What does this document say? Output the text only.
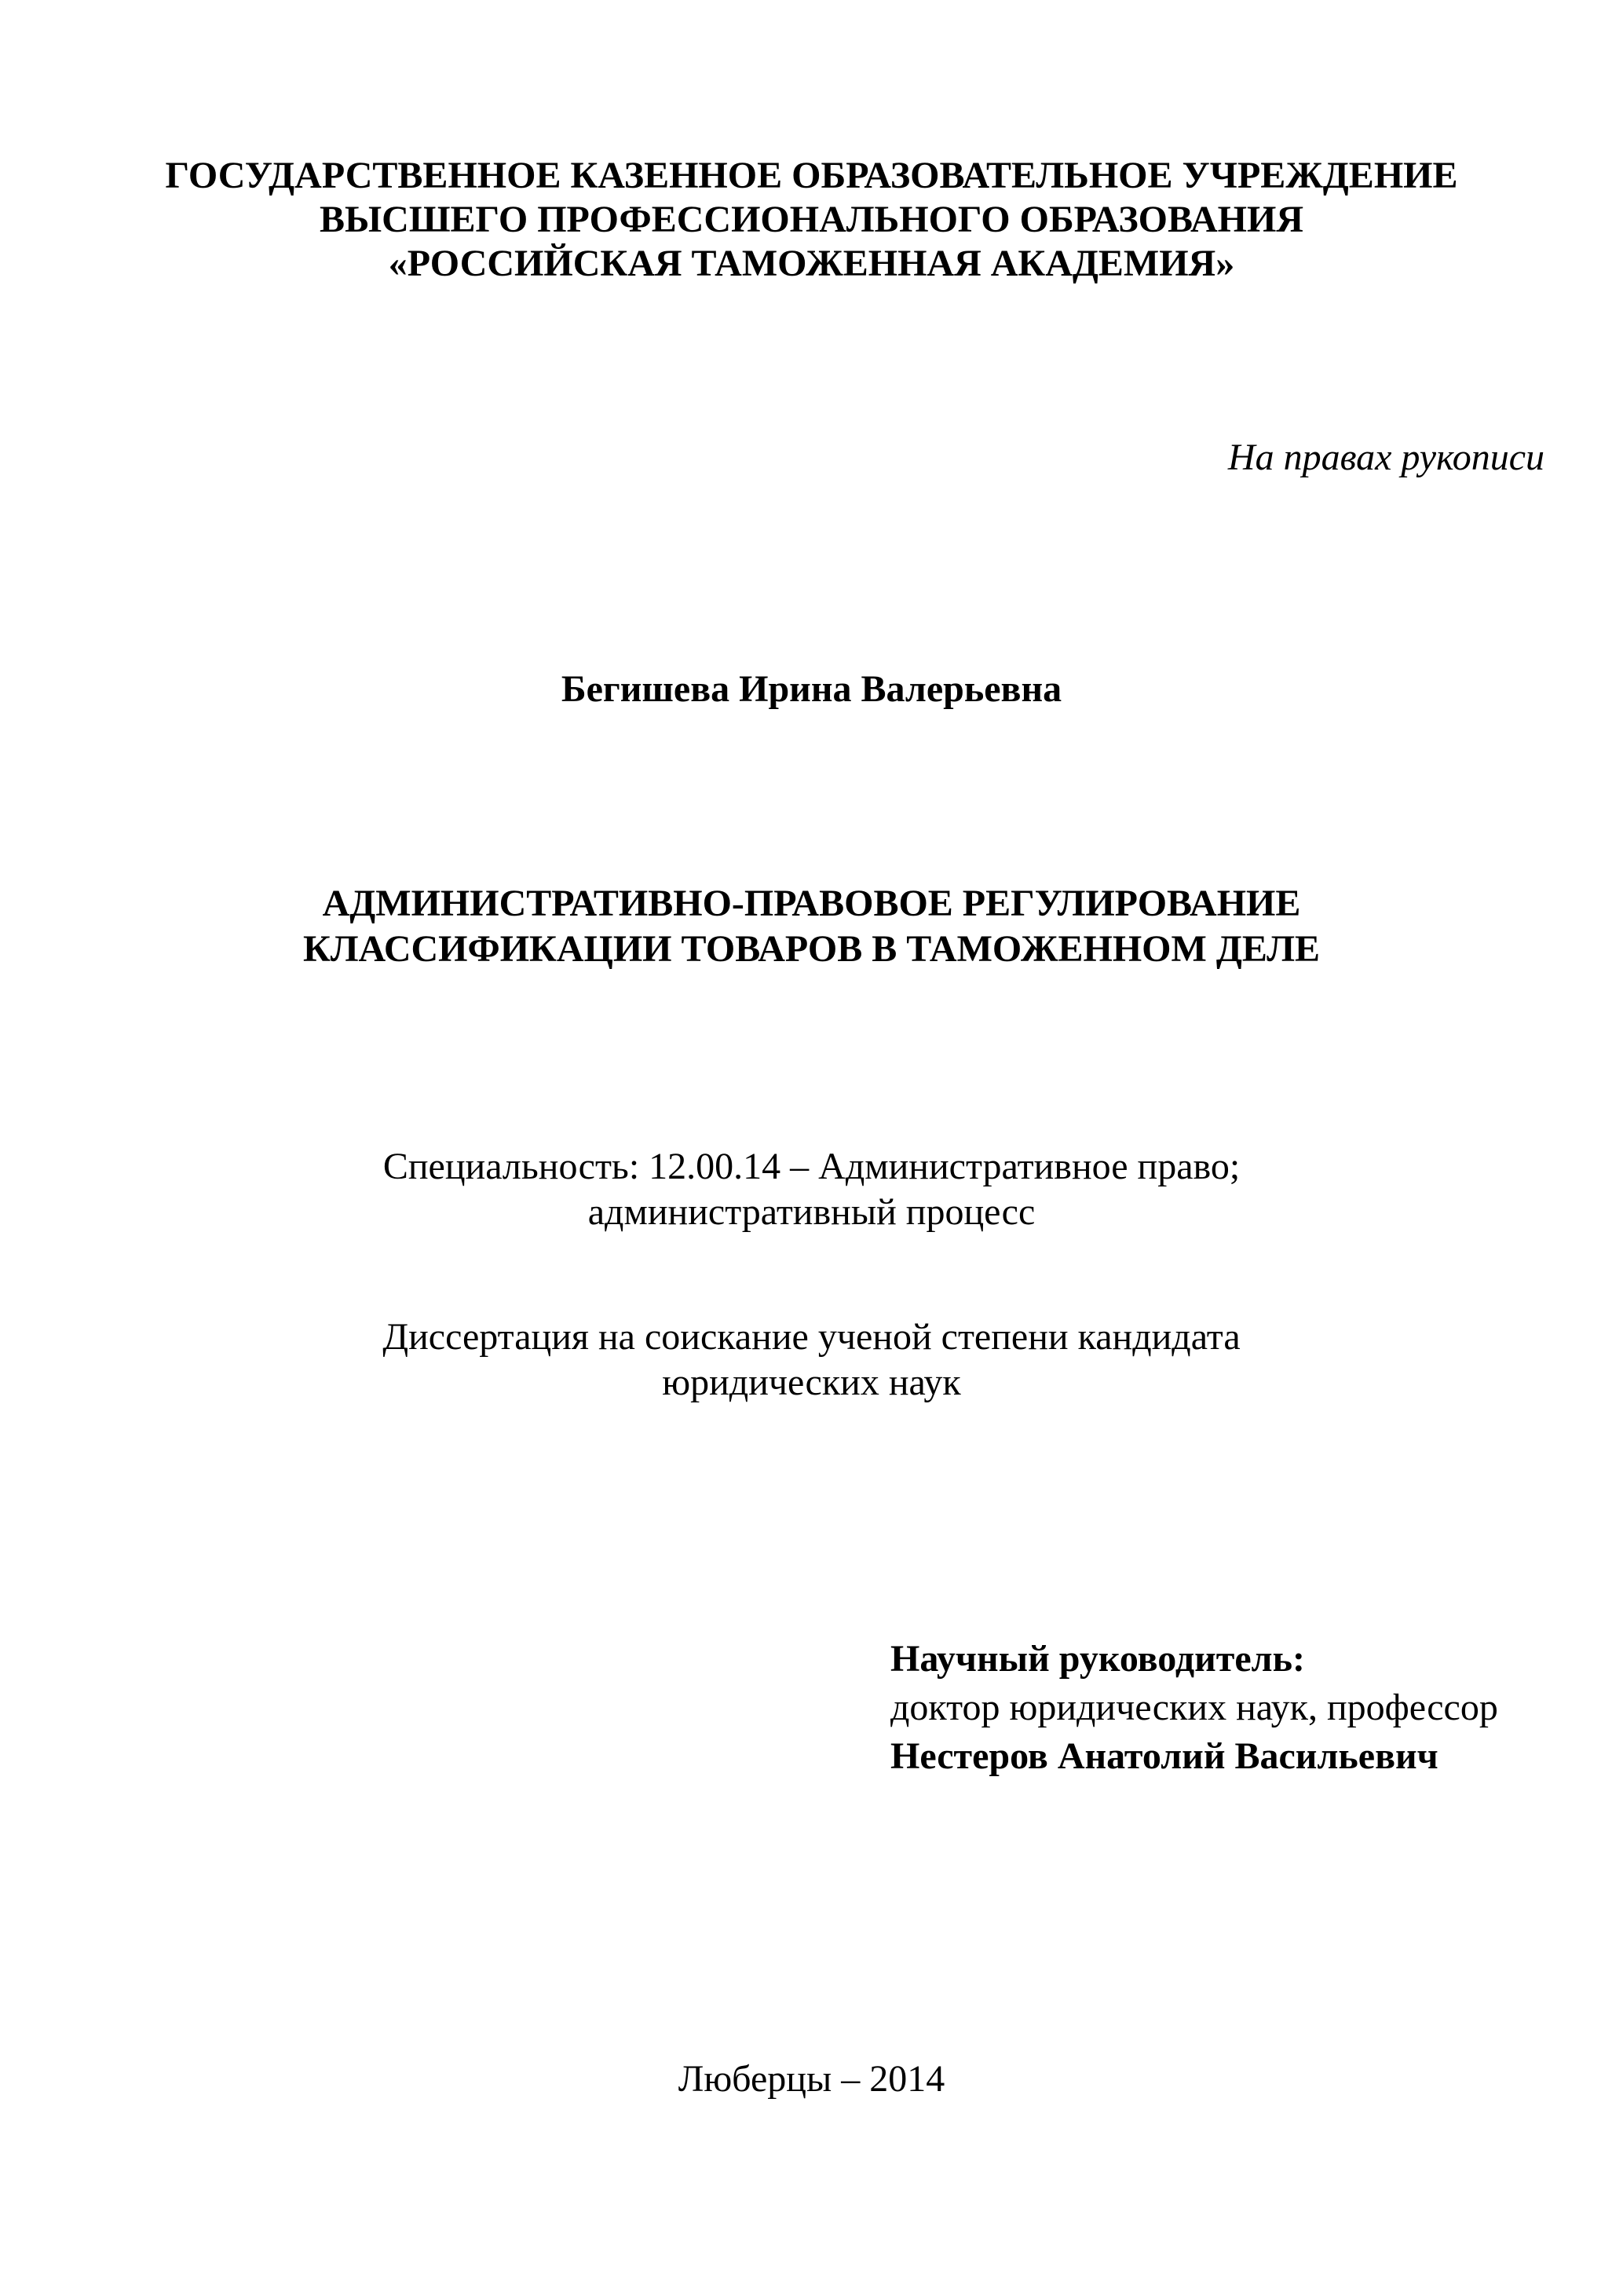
ГОСУДАРСТВЕННОЕ КАЗЕННОЕ ОБРАЗОВАТЕЛЬНОЕ УЧРЕЖДЕНИЕ
ВЫСШЕГО ПРОФЕССИОНАЛЬНОГО ОБРАЗОВАНИЯ
«РОССИЙСКАЯ ТАМОЖЕННАЯ АКАДЕМИЯ»
На правах рукописи
Бегишева Ирина Валерьевна
АДМИНИСТРАТИВНО-ПРАВОВОЕ РЕГУЛИРОВАНИЕ
КЛАССИФИКАЦИИ ТОВАРОВ В ТАМОЖЕННОМ ДЕЛЕ
Специальность: 12.00.14 – Административное право;
административный процесс
Диссертация на соискание ученой степени кандидата
юридических наук
Научный руководитель:
доктор юридических наук, профессор
Нестеров Анатолий Васильевич
Люберцы – 2014
